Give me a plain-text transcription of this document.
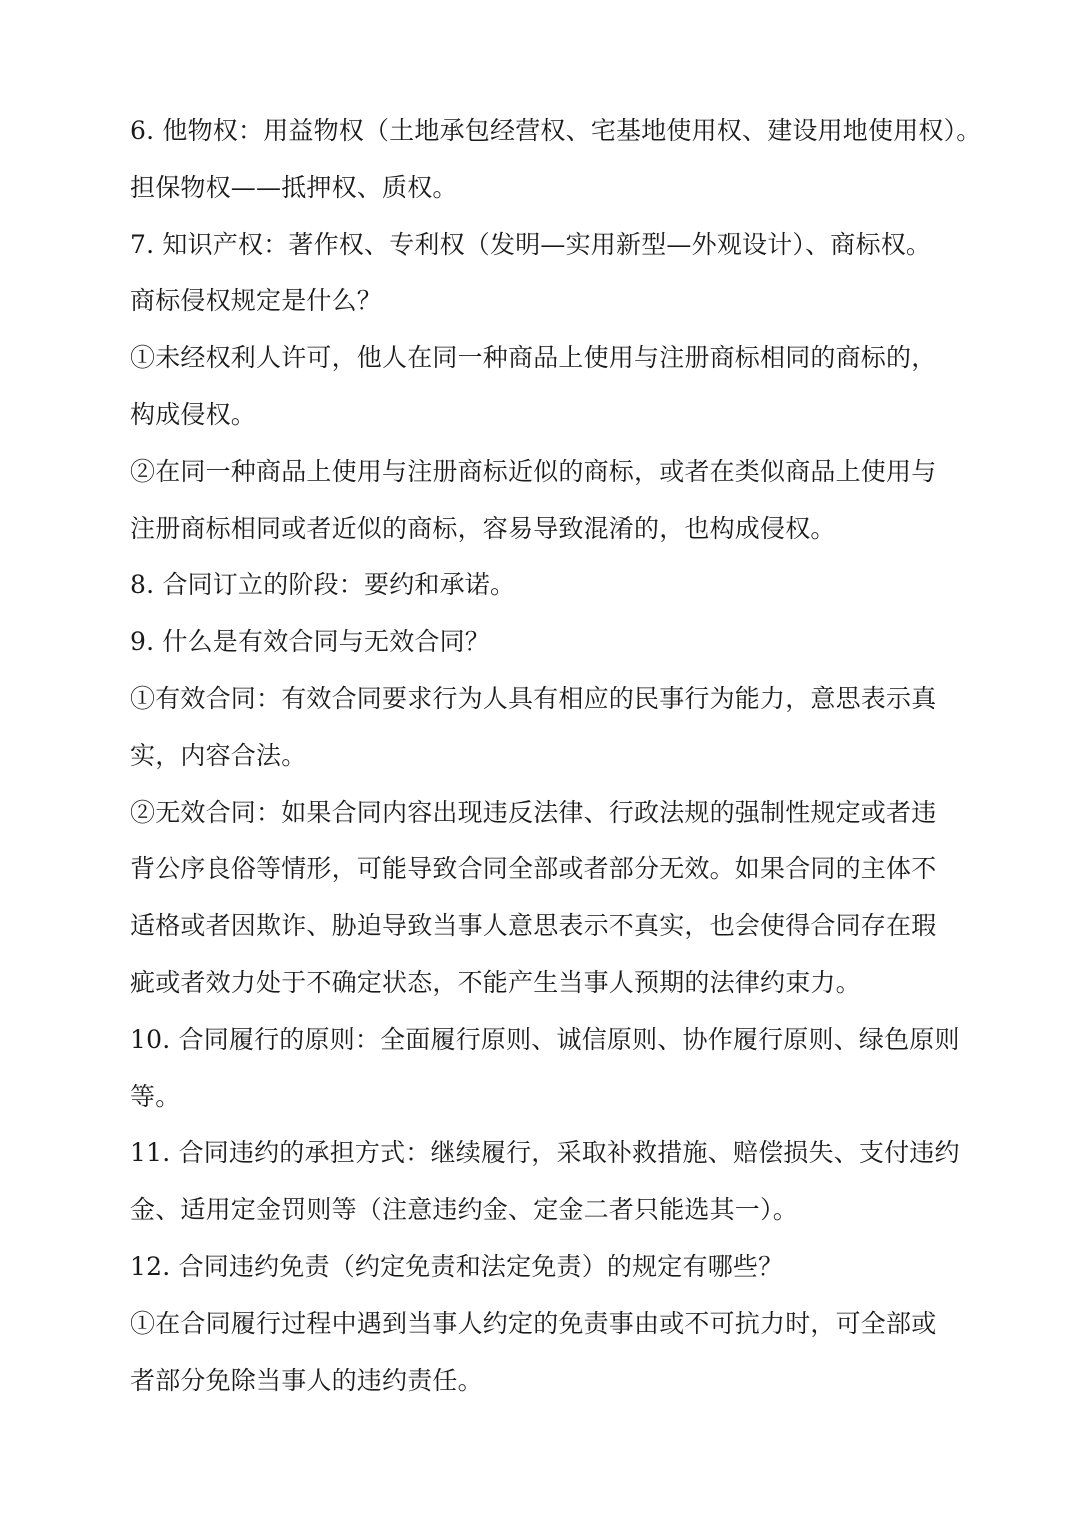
6. 他物权：用益物权（土地承包经营权、宅基地使用权、建设用地使用权）。
担保物权——抵押权、质权。
7. 知识产权：著作权、专利权（发明—实用新型—外观设计）、商标权。
商标侵权规定是什么？
①未经权利人许可，他人在同一种商品上使用与注册商标相同的商标的，
构成侵权。
②在同一种商品上使用与注册商标近似的商标，或者在类似商品上使用与
注册商标相同或者近似的商标，容易导致混淆的，也构成侵权。
8. 合同订立的阶段：要约和承诺。
9. 什么是有效合同与无效合同？
①有效合同：有效合同要求行为人具有相应的民事行为能力，意思表示真
实，内容合法。
②无效合同：如果合同内容出现违反法律、行政法规的强制性规定或者违
背公序良俗等情形，可能导致合同全部或者部分无效。如果合同的主体不
适格或者因欺诈、胁迫导致当事人意思表示不真实，也会使得合同存在瑕
疵或者效力处于不确定状态，不能产生当事人预期的法律约束力。
10. 合同履行的原则：全面履行原则、诚信原则、协作履行原则、绿色原则
等。
11. 合同违约的承担方式：继续履行，采取补救措施、赔偿损失、支付违约
金、适用定金罚则等（注意违约金、定金二者只能选其一）。
12. 合同违约免责（约定免责和法定免责）的规定有哪些？
①在合同履行过程中遇到当事人约定的免责事由或不可抗力时，可全部或
者部分免除当事人的违约责任。
